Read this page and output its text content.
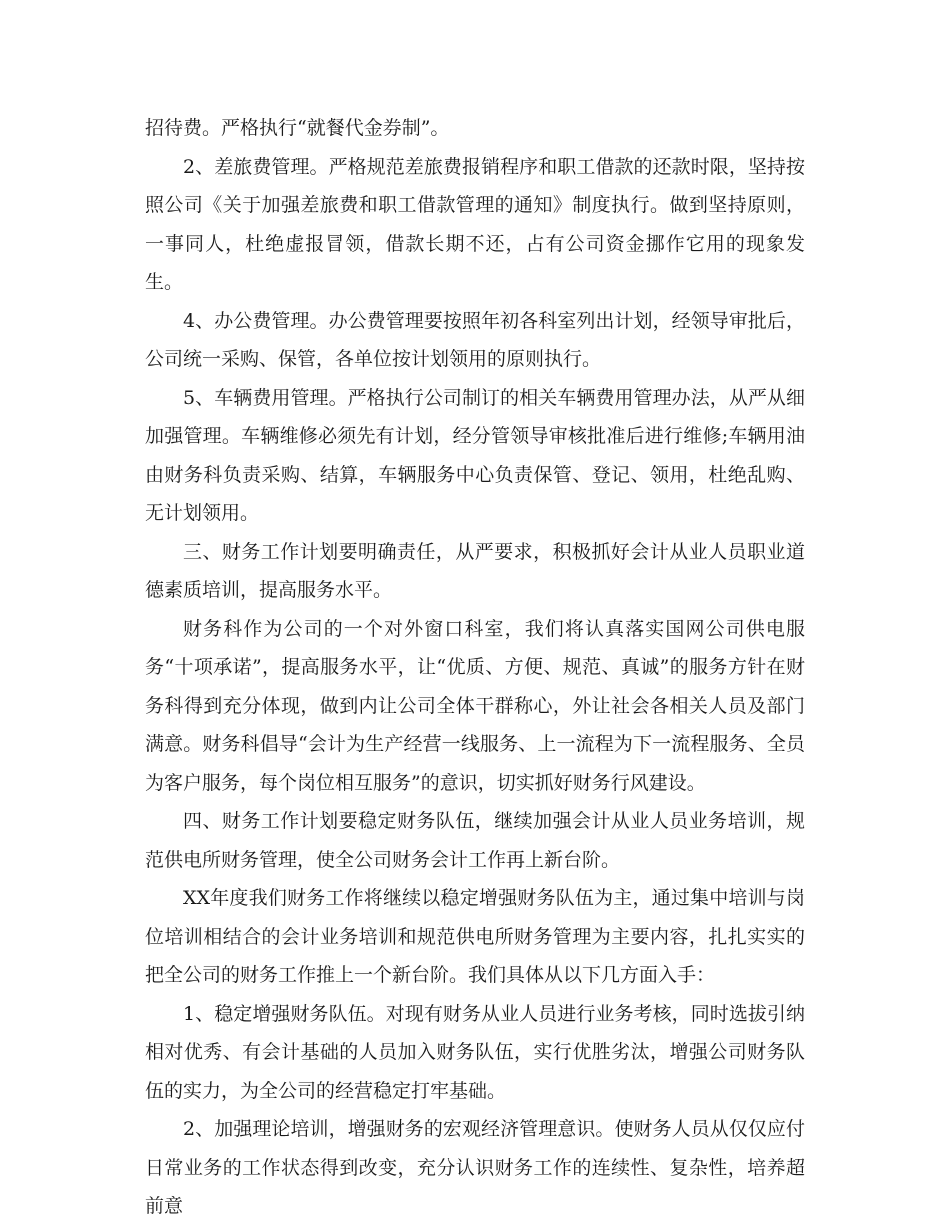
招待费。严格执行“就餐代金券制”。

2、差旅费管理。严格规范差旅费报销程序和职工借款的还款时限，坚持按照公司《关于加强差旅费和职工借款管理的通知》制度执行。做到坚持原则，一事同人，杜绝虚报冒领，借款长期不还，占有公司资金挪作它用的现象发生。

4、办公费管理。办公费管理要按照年初各科室列出计划，经领导审批后，公司统一采购、保管，各单位按计划领用的原则执行。

5、车辆费用管理。严格执行公司制订的相关车辆费用管理办法，从严从细加强管理。车辆维修必须先有计划，经分管领导审核批准后进行维修;车辆用油由财务科负责采购、结算，车辆服务中心负责保管、登记、领用，杜绝乱购、无计划领用。

三、财务工作计划要明确责任，从严要求，积极抓好会计从业人员职业道德素质培训，提高服务水平。

财务科作为公司的一个对外窗口科室，我们将认真落实国网公司供电服务“十项承诺”，提高服务水平，让“优质、方便、规范、真诚”的服务方针在财务科得到充分体现，做到内让公司全体干群称心，外让社会各相关人员及部门满意。财务科倡导“会计为生产经营一线服务、上一流程为下一流程服务、全员为客户服务，每个岗位相互服务”的意识，切实抓好财务行风建设。

四、财务工作计划要稳定财务队伍，继续加强会计从业人员业务培训，规范供电所财务管理，使全公司财务会计工作再上新台阶。

XX年度我们财务工作将继续以稳定增强财务队伍为主，通过集中培训与岗位培训相结合的会计业务培训和规范供电所财务管理为主要内容，扎扎实实的把全公司的财务工作推上一个新台阶。我们具体从以下几方面入手：

1、稳定增强财务队伍。对现有财务从业人员进行业务考核，同时选拔引纳相对优秀、有会计基础的人员加入财务队伍，实行优胜劣汰，增强公司财务队伍的实力，为全公司的经营稳定打牢基础。

2、加强理论培训，增强财务的宏观经济管理意识。使财务人员从仅仅应付日常业务的工作状态得到改变，充分认识财务工作的连续性、复杂性，培养超前意
